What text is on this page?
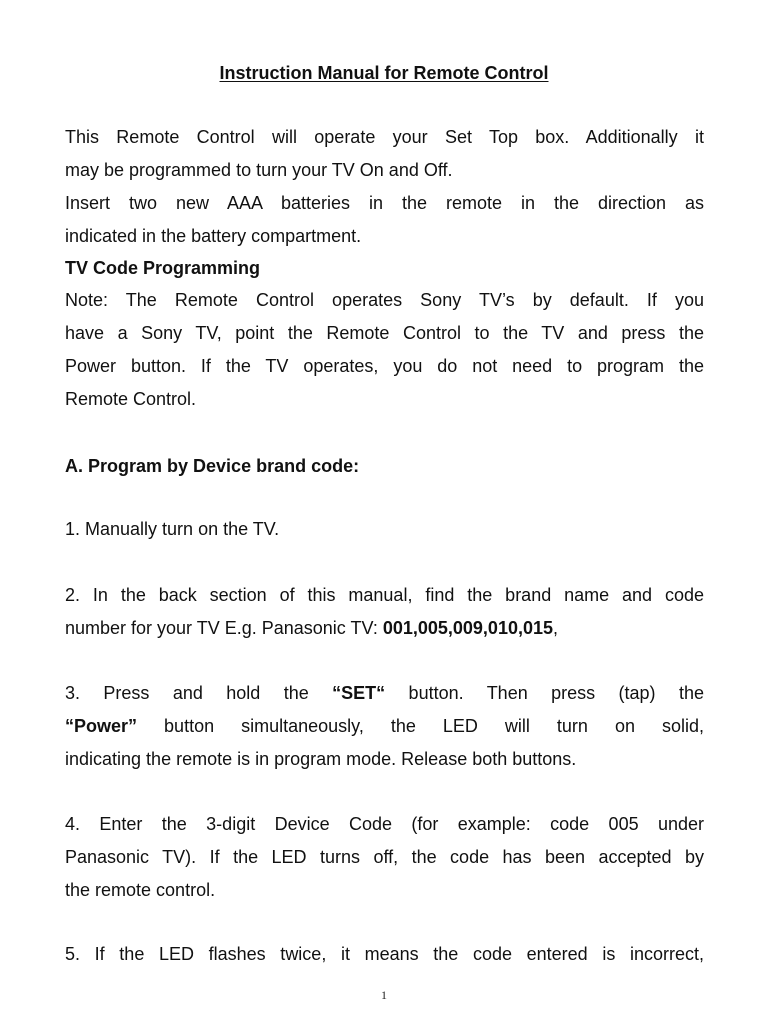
Instruction Manual for Remote Control
This Remote Control will operate your Set Top box. Additionally it
may be programmed to turn your TV On and Off.
Insert two new AAA batteries in the remote in the direction as
indicated in the battery compartment.
TV Code Programming
Note: The Remote Control operates Sony TV’s by default. If you
have a Sony TV, point the Remote Control to the TV and press the
Power button. If the TV operates, you do not need to program the
Remote Control.
A. Program by Device brand code:
1. Manually turn on the TV.
2. In the back section of this manual, find the brand name and code
number for your TV E.g. Panasonic TV: 001,005,009,010,015,
3. Press and hold the “SET“ button. Then press (tap) the
“Power” button simultaneously, the LED will turn on solid,
indicating the remote is in program mode. Release both buttons.
4. Enter the 3-digit Device Code (for example: code 005 under
Panasonic TV). If the LED turns off, the code has been accepted by
the remote control.
5. If the LED flashes twice, it means the code entered is incorrect,
1
